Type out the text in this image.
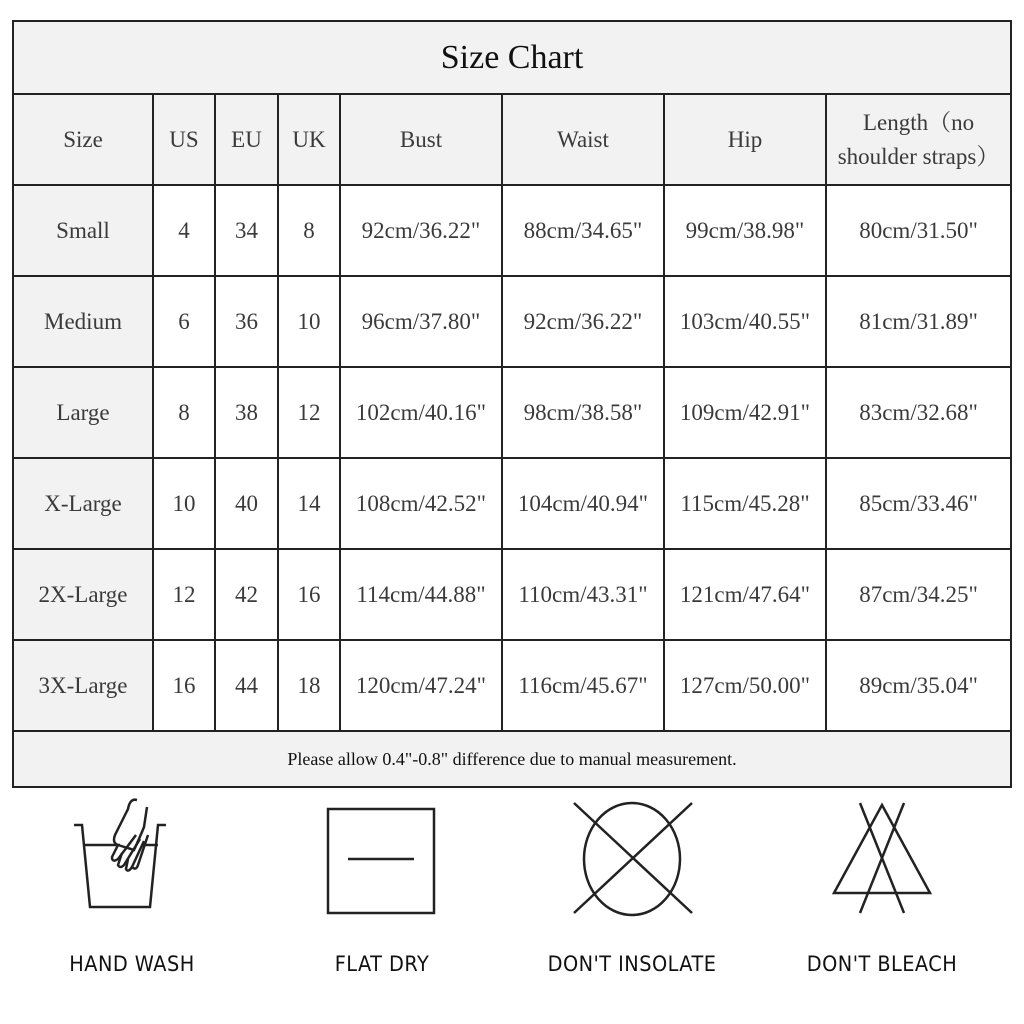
Size Chart							
Size	US	EU	UK	Bust	Waist	Hip	Length（no shoulder straps）
Small	4	34	8	92cm/36.22"	88cm/34.65"	99cm/38.98"	80cm/31.50"
Medium	6	36	10	96cm/37.80"	92cm/36.22"	103cm/40.55"	81cm/31.89"
Large	8	38	12	102cm/40.16"	98cm/38.58"	109cm/42.91"	83cm/32.68"
X-Large	10	40	14	108cm/42.52"	104cm/40.94"	115cm/45.28"	85cm/33.46"
2X-Large	12	42	16	114cm/44.88"	110cm/43.31"	121cm/47.64"	87cm/34.25"
3X-Large	16	44	18	120cm/47.24"	116cm/45.67"	127cm/50.00"	89cm/35.04"
Please allow 0.4"-0.8" difference due to manual measurement.							
HAND WASH	FLAT DRY	DON'T INSOLATE	DON'T BLEACH
